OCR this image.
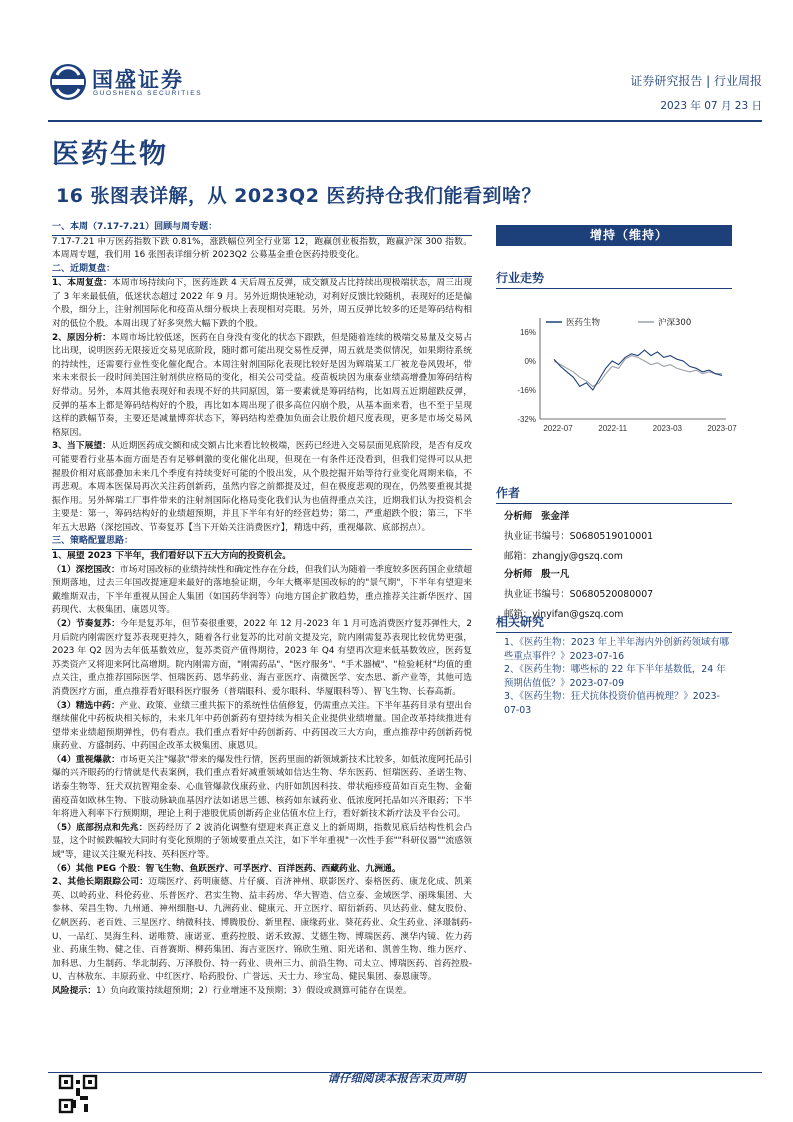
国盛证券
GUOSHENG SECURITIES
证券研究报告 | 行业周报
2023 年 07 月 23 日
医药生物
16 张图表详解，从 2023Q2 医药持仓我们能看到啥？
一、本周（7.17-7.21）回顾与周专题：
7.17-7.21 申万医药指数下跌 0.81%，涨跌幅位列全行业第 12，跑赢创业板指数，跑赢沪深 300 指数。本周周专题，我们用 16 张图表详细分析 2023Q2 公募基金重仓医药持股变化。
二、近期复盘：
1、本周复盘：本周市场持续向下，医药连跌 4 天后周五反弹，成交额及占比持续出现极端状态，周三出现了 3 年来最低值，低迷状态超过 2022 年 9 月。另外近期快速轮动，对利好反馈比较随机，表现好的还是偏个股，细分上，注射剂国际化和疫苗从细分板块上表现相对亮眼。另外，周五反弹比较多的还是筹码结构相对的低位个股。本周出现了好多突然大幅下跌的个股。
2、原因分析：本周市场比较低迷，医药在自身没有变化的状态下跟跌，但是随着连续的极端交易量及交易占比出现，说明医药无限接近交易见底阶段，随时都可能出现交易性反弹，周五就是类似情况，如果期待系统的持续性，还需要行业性变化催化配合。本周注射剂国际化表现比较好是因为辉瑞某工厂被龙卷风毁坏，带来未来很长一段时间美国注射剂供应格局的变化，相关公司受益。疫苗板块因为康泰业绩高增叠加筹码结构好带动。另外，本周其他表现好和表现不好的共同原因，第一要素就是筹码结构，比如周五近期超跌反弹，反弹的基本上都是筹码结构好的个股，再比如本周出现了很多高位闪崩个股，从基本面来看，也不至于呈现这样的跌幅节奏，主要还是减量博弈状态下，筹码结构差叠加负面会让股价超尺度表现，更多是市场交易风格原因。
3、当下展望：从近期医药成交额和成交额占比来看比较极端，医药已经进入交易层面见底阶段，是否有反攻可能要看行业基本面方面是否有足够刺激的变化催化出现，但现在一有条件还没看到，但我们觉得可以从把握股价相对底部叠加未来几个季度有持续变好可能的个股出发，从个股挖掘开始等待行业变化周期来临，不再悲观。本周本医保局再次关注药创新药，虽然内容之前都提及过，但在极度悲观的现在，仍然要重视其提振作用。另外辉瑞工厂事件带来的注射剂国际化格局变化我们认为也值得重点关注，近期我们认为投资机会主要是：第一，筹码结构好的业绩超预期，并且下半年有好的经营趋势；第二，严重超跌个股；第三，下半年五大思路（深挖国改、节奏复苏【当下开始关注消费医疗】，精选中药，重视爆款、底部拐点）。
三、策略配置思路：
1、展望 2023 下半年，我们看好以下五大方向的投资机会。
（1）深挖国改：市场对国改标的业绩持续性和确定性存在分歧，但我们认为随着一季度较多医药国企业绩超预期落地，过去三年国改提速迎来最好的落地验证期，今年大概率是国改标的的"景气期"，下半年有望迎来戴维斯双击，下半年重视从国企人集团（如国药华润等）向地方国企扩散趋势，重点推荐关注新华医疗、国药现代、太极集团、康恩贝等。
（2）节奏复苏：今年是复苏年，但节奏很重要，2022 年 12 月-2023 年 1 月可选消费医疗复苏弹性大，2 月后院内刚需医疗复苏表现更持久，随着各行业复苏的比对前文提及完，院内刚需复苏表现比较优势更强，2023 年 Q2 因为去年低基数效应，复苏类资产值得期待，2023 年 Q4 有望再次迎来低基数效应，医药复苏类资产又将迎来阿比高增期。院内刚需方面，"刚需药品"、"医疗服务"、"手术器械"、"检验耗材"均值的重点关注，重点推荐国际医学、恒瑞医药、恩华药业、海吉亚医疗、南微医学、安杰思、新产业等，其他可选消费医疗方面，重点推荐看好眼科医疗服务（普瑞眼科、爱尔眼科、华厦眼科等）、智飞生物、长春高新。
（3）精选中药：产业、政策、业绩三重共振下的系统性估值修复，仍需重点关注。下半年基药目录有望出台继续催化中药板块相关标的，未来几年中药创新药有望持续为相关企业提供业绩增量。国企改革持续推进有望带来业绩超预期弹性，仍有看点。我们重点看好中药创新药、中药国改三大方向，重点推荐中药创新药悦康药业、方盛制药、中药国企改革太极集团、康恩贝。
（4）重视爆款：市场更关注"爆款"带来的爆发性行情，医药里面的新领域新技术比较多，如低浓度阿托品引爆的兴齐眼药的行情就是代表案例，我们重点看好减重领域如信达生物、华东医药、恒瑞医药、圣诺生物、诺泰生物等、狂犬双抗智翔金泰、心血管爆款伐康药业、内肝如凯因科技、带状疱疹疫苗如百克生物、金葡菌疫苗如欧林生物、下肢动脉缺血基因疗法如诺思兰德、核药如东诚药业、低浓度阿托品如兴齐眼药；下半年将进入利率下行预期期，理论上利于港股优质创新药企业估值水位上行，看好新技术新疗法及平台公司。
（5）底部拐点和先兆：医药经历了 2 波消化调整有望迎来真正意义上的新周期，指数见底后结构性机会凸显，这个时候跌幅较大同时有变化预期的子领域要重点关注，如下半年重视"一次性手套""科研仪器""流感领域"等，建议关注聚光科技、英科医疗等。
（6）其他 PEG 个股：智飞生物、鱼跃医疗、可孚医疗、百洋医药、西藏药业、九洲通。
2、其他长期跟踪公司：迈瑞医疗、药明康德、片仔癀、百济神州、联影医疗、泰格医药、康龙化成、凯莱英、以岭药业、科伦药业、乐普医疗、君实生物、益丰药房、华大智造、信立泰、金域医学、丽珠集团、大参林、荣昌生物、九州通、神州细胞-U、九洲药业、健康元、开立医疗、昭衍新药、贝达药业、健友股份、亿帆医药、老百姓、三星医疗、纳微科技、博腾股份、新里程、康缘药业、葵花药业、众生药业、泽璟制药-U、一品红、昊海生科、诺唯赞、康诺亚、重药控股、诺禾致源、艾德生物、博瑞医药、澳华内镜、佐力药业、药康生物、健之佳、百普赛斯、柳药集团、海吉亚医疗、锦欣生殖、阳光诺和、凯普生物、维力医疗、加科思、力生制药、华北制药、万泽股份、特一药业、贵州三力、前沿生物、司太立、博瑞医药、首药控股-U、吉林敖东、丰原药业、中红医疗、哈药股份、广誉远、天士力、珍宝岛、健民集团、泰恩康等。
风险提示：1）负向政策持续超预期；2）行业增速不及预期；3）假设或测算可能存在误差。
增持（维持）
行业走势
16%
0%
-16%
-32%
2022-07	2022-11	2023-03	2023-07
医药生物	沪深300
作者
分析师 张金洋
执业证书编号：S0680519010001
邮箱：zhangjy@gszq.com
分析师 殷一凡
执业证书编号：S0680520080007
邮箱：yinyifan@gszq.com
相关研究
1、《医药生物：2023 年上半年海内外创新药领域有哪些重点事件？》2023-07-16
2、《医药生物：哪些标的 22 年下半年基数低，24 年预期估值低？》2023-07-09
3、《医药生物：狂犬抗体投资价值再梳理？》2023-07-03
请仔细阅读本报告末页声明
